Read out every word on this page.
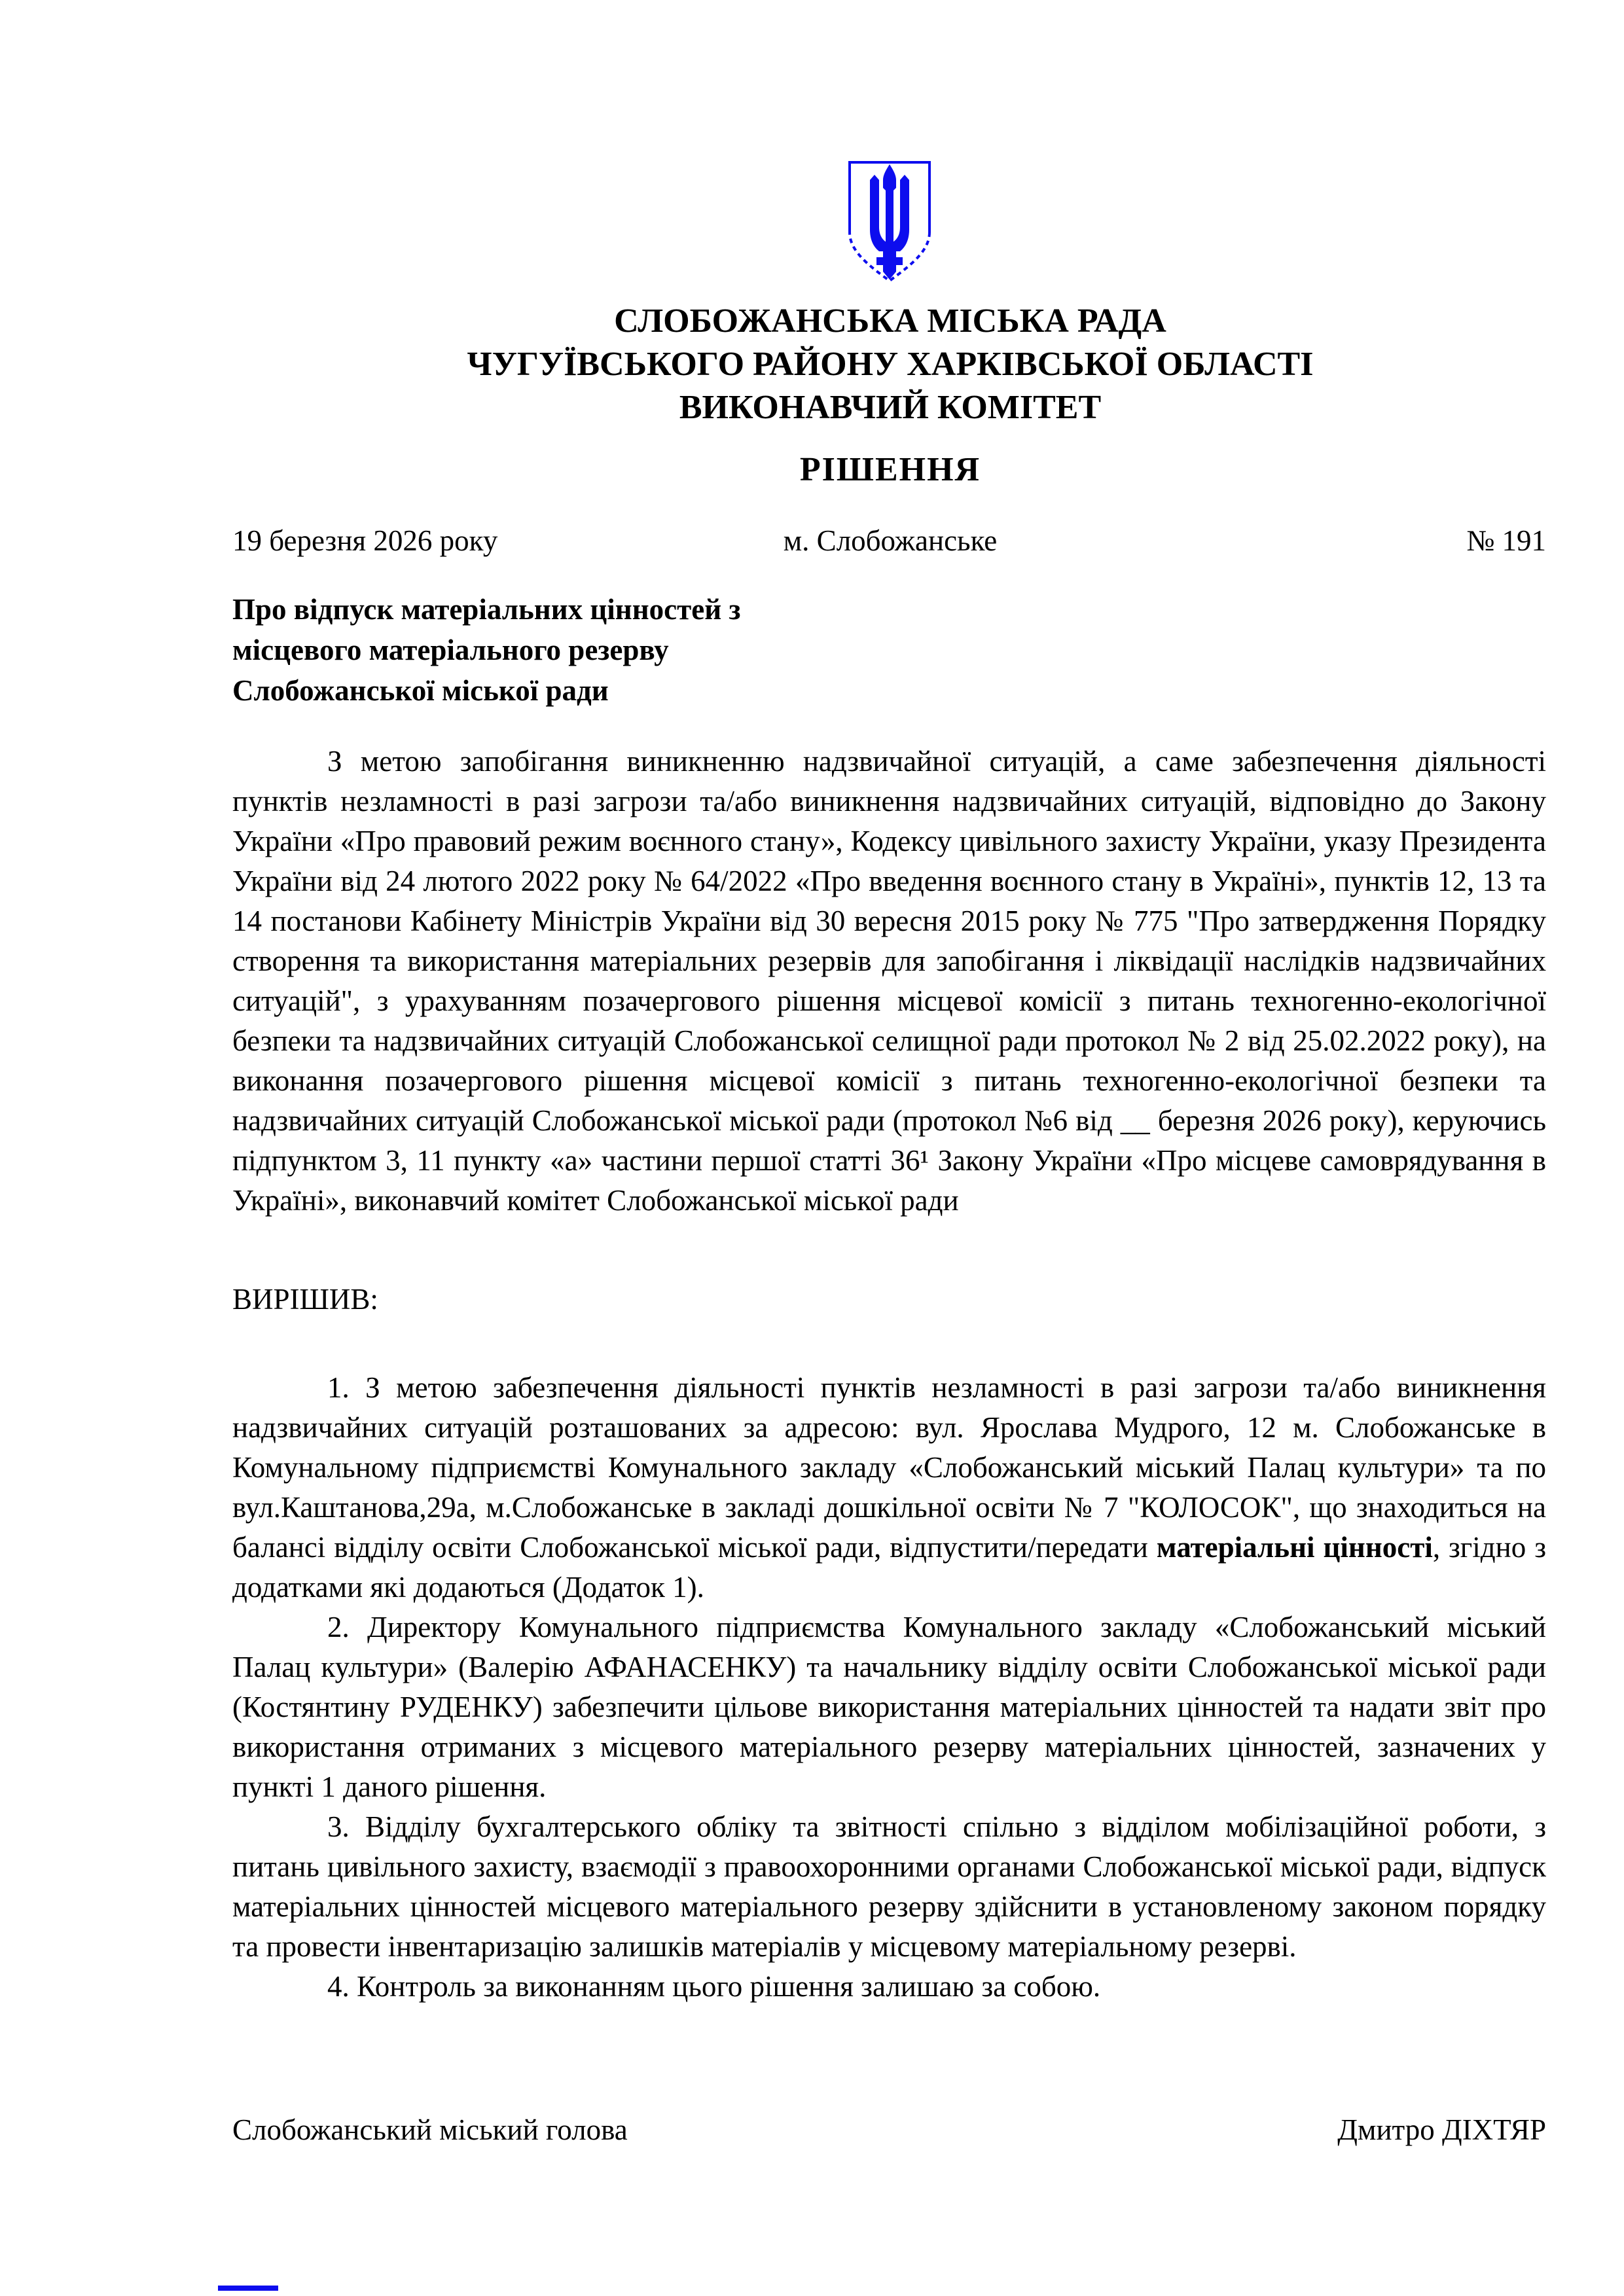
СЛОБОЖАНСЬКА МІСЬКА РАДА
ЧУГУЇВСЬКОГО РАЙОНУ ХАРКІВСЬКОЇ ОБЛАСТІ
ВИКОНАВЧИЙ КОМІТЕТ
РІШЕННЯ
19 березня 2026 року	м. Слобожанське	№ 191
Про відпуск матеріальних цінностей з
місцевого матеріального резерву
Слобожанської міської ради
З метою запобігання виникненню надзвичайної ситуацій, а саме забезпечення діяльності пунктів незламності в разі загрози та/або виникнення надзвичайних ситуацій, відповідно до Закону України «Про правовий режим воєнного стану», Кодексу цивільного захисту України, указу Президента України від 24 лютого 2022 року № 64/2022 «Про введення воєнного стану в Україні», пунктів 12, 13 та 14 постанови Кабінету Міністрів України від 30 вересня 2015 року № 775 "Про затвердження Порядку створення та використання матеріальних резервів для запобігання і ліквідації наслідків надзвичайних ситуацій", з урахуванням позачергового рішення місцевої комісії з питань техногенно-екологічної безпеки та надзвичайних ситуацій Слобожанської селищної ради протокол № 2 від 25.02.2022 року), на виконання позачергового рішення місцевої комісії з питань техногенно-екологічної безпеки та надзвичайних ситуацій Слобожанської міської ради (протокол №6 від __ березня 2026 року), керуючись підпунктом 3, 11 пункту «а» частини першої статті 36¹ Закону України «Про місцеве самоврядування в Україні», виконавчий комітет Слобожанської міської ради
ВИРІШИВ:

1. З метою забезпечення діяльності пунктів незламності в разі загрози та/або виникнення надзвичайних ситуацій розташованих за адресою: вул. Ярослава Мудрого, 12 м. Слобожанське в Комунальному підприємстві Комунального закладу «Слобожанський міський Палац культури» та по вул.Каштанова,29а, м.Слобожанське в закладі дошкільної освіти № 7 "КОЛОСОК", що знаходиться на балансі відділу освіти Слобожанської міської ради, відпустити/передати матеріальні цінності, згідно з додатками які додаються (Додаток 1).

2. Директору Комунального підприємства Комунального закладу «Слобожанський міський Палац культури» (Валерію АФАНАСЕНКУ) та начальнику відділу освіти Слобожанської міської ради (Костянтину РУДЕНКУ) забезпечити цільове використання матеріальних цінностей та надати звіт про використання отриманих з місцевого матеріального резерву матеріальних цінностей, зазначених у пункті 1 даного рішення.

3. Відділу бухгалтерського обліку та звітності спільно з відділом мобілізаційної роботи, з питань цивільного захисту, взаємодії з правоохоронними органами Слобожанської міської ради, відпуск матеріальних цінностей місцевого матеріального резерву здійснити в установленому законом порядку та провести інвентаризацію залишків матеріалів у місцевому матеріальному резерві.

4. Контроль за виконанням цього рішення залишаю за собою.

Слобожанський міський голова	Дмитро ДІХТЯР
